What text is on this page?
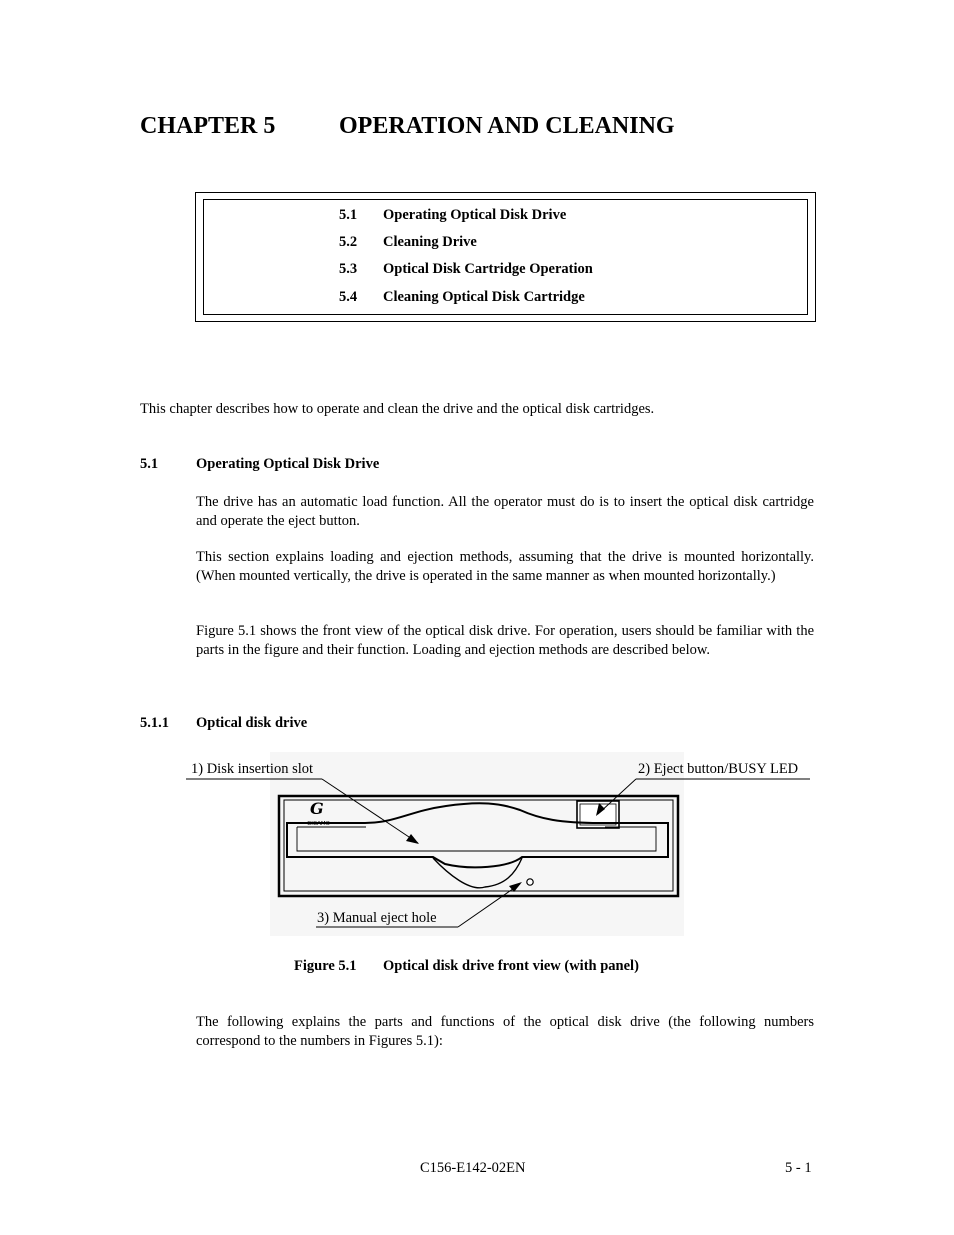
CHAPTER 5	OPERATION AND CLEANING
5.1 Operating Optical Disk Drive
5.2 Cleaning Drive
5.3 Optical Disk Cartridge Operation
5.4 Cleaning Optical Disk Cartridge
This chapter describes how to operate and clean the drive and the optical disk cartridges.
5.1	Operating Optical Disk Drive
The drive has an automatic load function. All the operator must do is to insert the optical disk cartridge and operate the eject button.
This section explains loading and ejection methods, assuming that the drive is mounted horizontally. (When mounted vertically, the drive is operated in the same manner as when mounted horizontally.)
Figure 5.1 shows the front view of the optical disk drive. For operation, users should be familiar with the parts in the figure and their function. Loading and ejection methods are described below.
5.1.1 Optical disk drive
G
GIGAMO
1) Disk insertion slot	2) Eject button/BUSY LED
3) Manual eject hole
Figure 5.1 Optical disk drive front view (with panel)
The following explains the parts and functions of the optical disk drive (the following numbers correspond to the numbers in Figures 5.1):
C156-E142-02EN	5 - 1
